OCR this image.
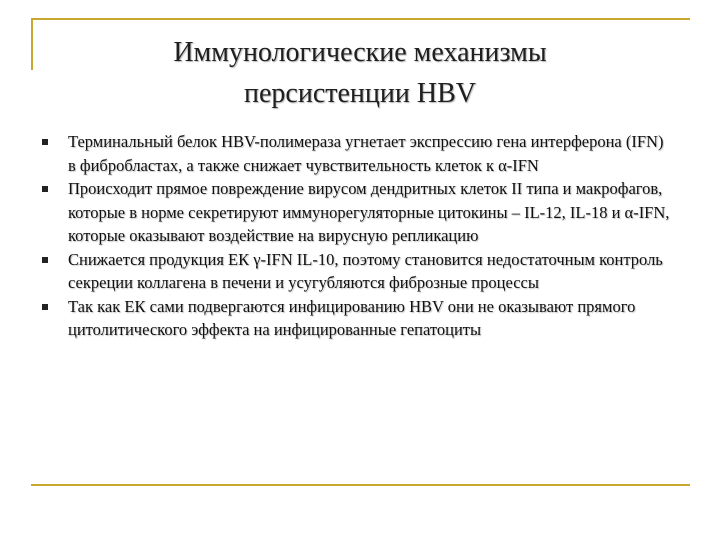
Иммунологические механизмы
персистенции HBV
Терминальный белок HBV-полимераза угнетает экспрессию гена интерферона (IFN) в фибробластах, а также снижает чувствительность клеток к α-IFN
Происходит прямое повреждение вирусом дендритных клеток II типа и макрофагов, которые в норме секретируют иммунорегуляторные цитокины – IL-12, IL-18 и α-IFN, которые оказывают воздействие на вирусную репликацию
Снижается продукция ЕК γ-IFN IL-10, поэтому становится недостаточным контроль секреции коллагена в печени и усугубляются фиброзные процессы
Так как ЕК сами подвергаются инфицированию HBV они не оказывают прямого цитолитического эффекта на инфицированные гепатоциты
